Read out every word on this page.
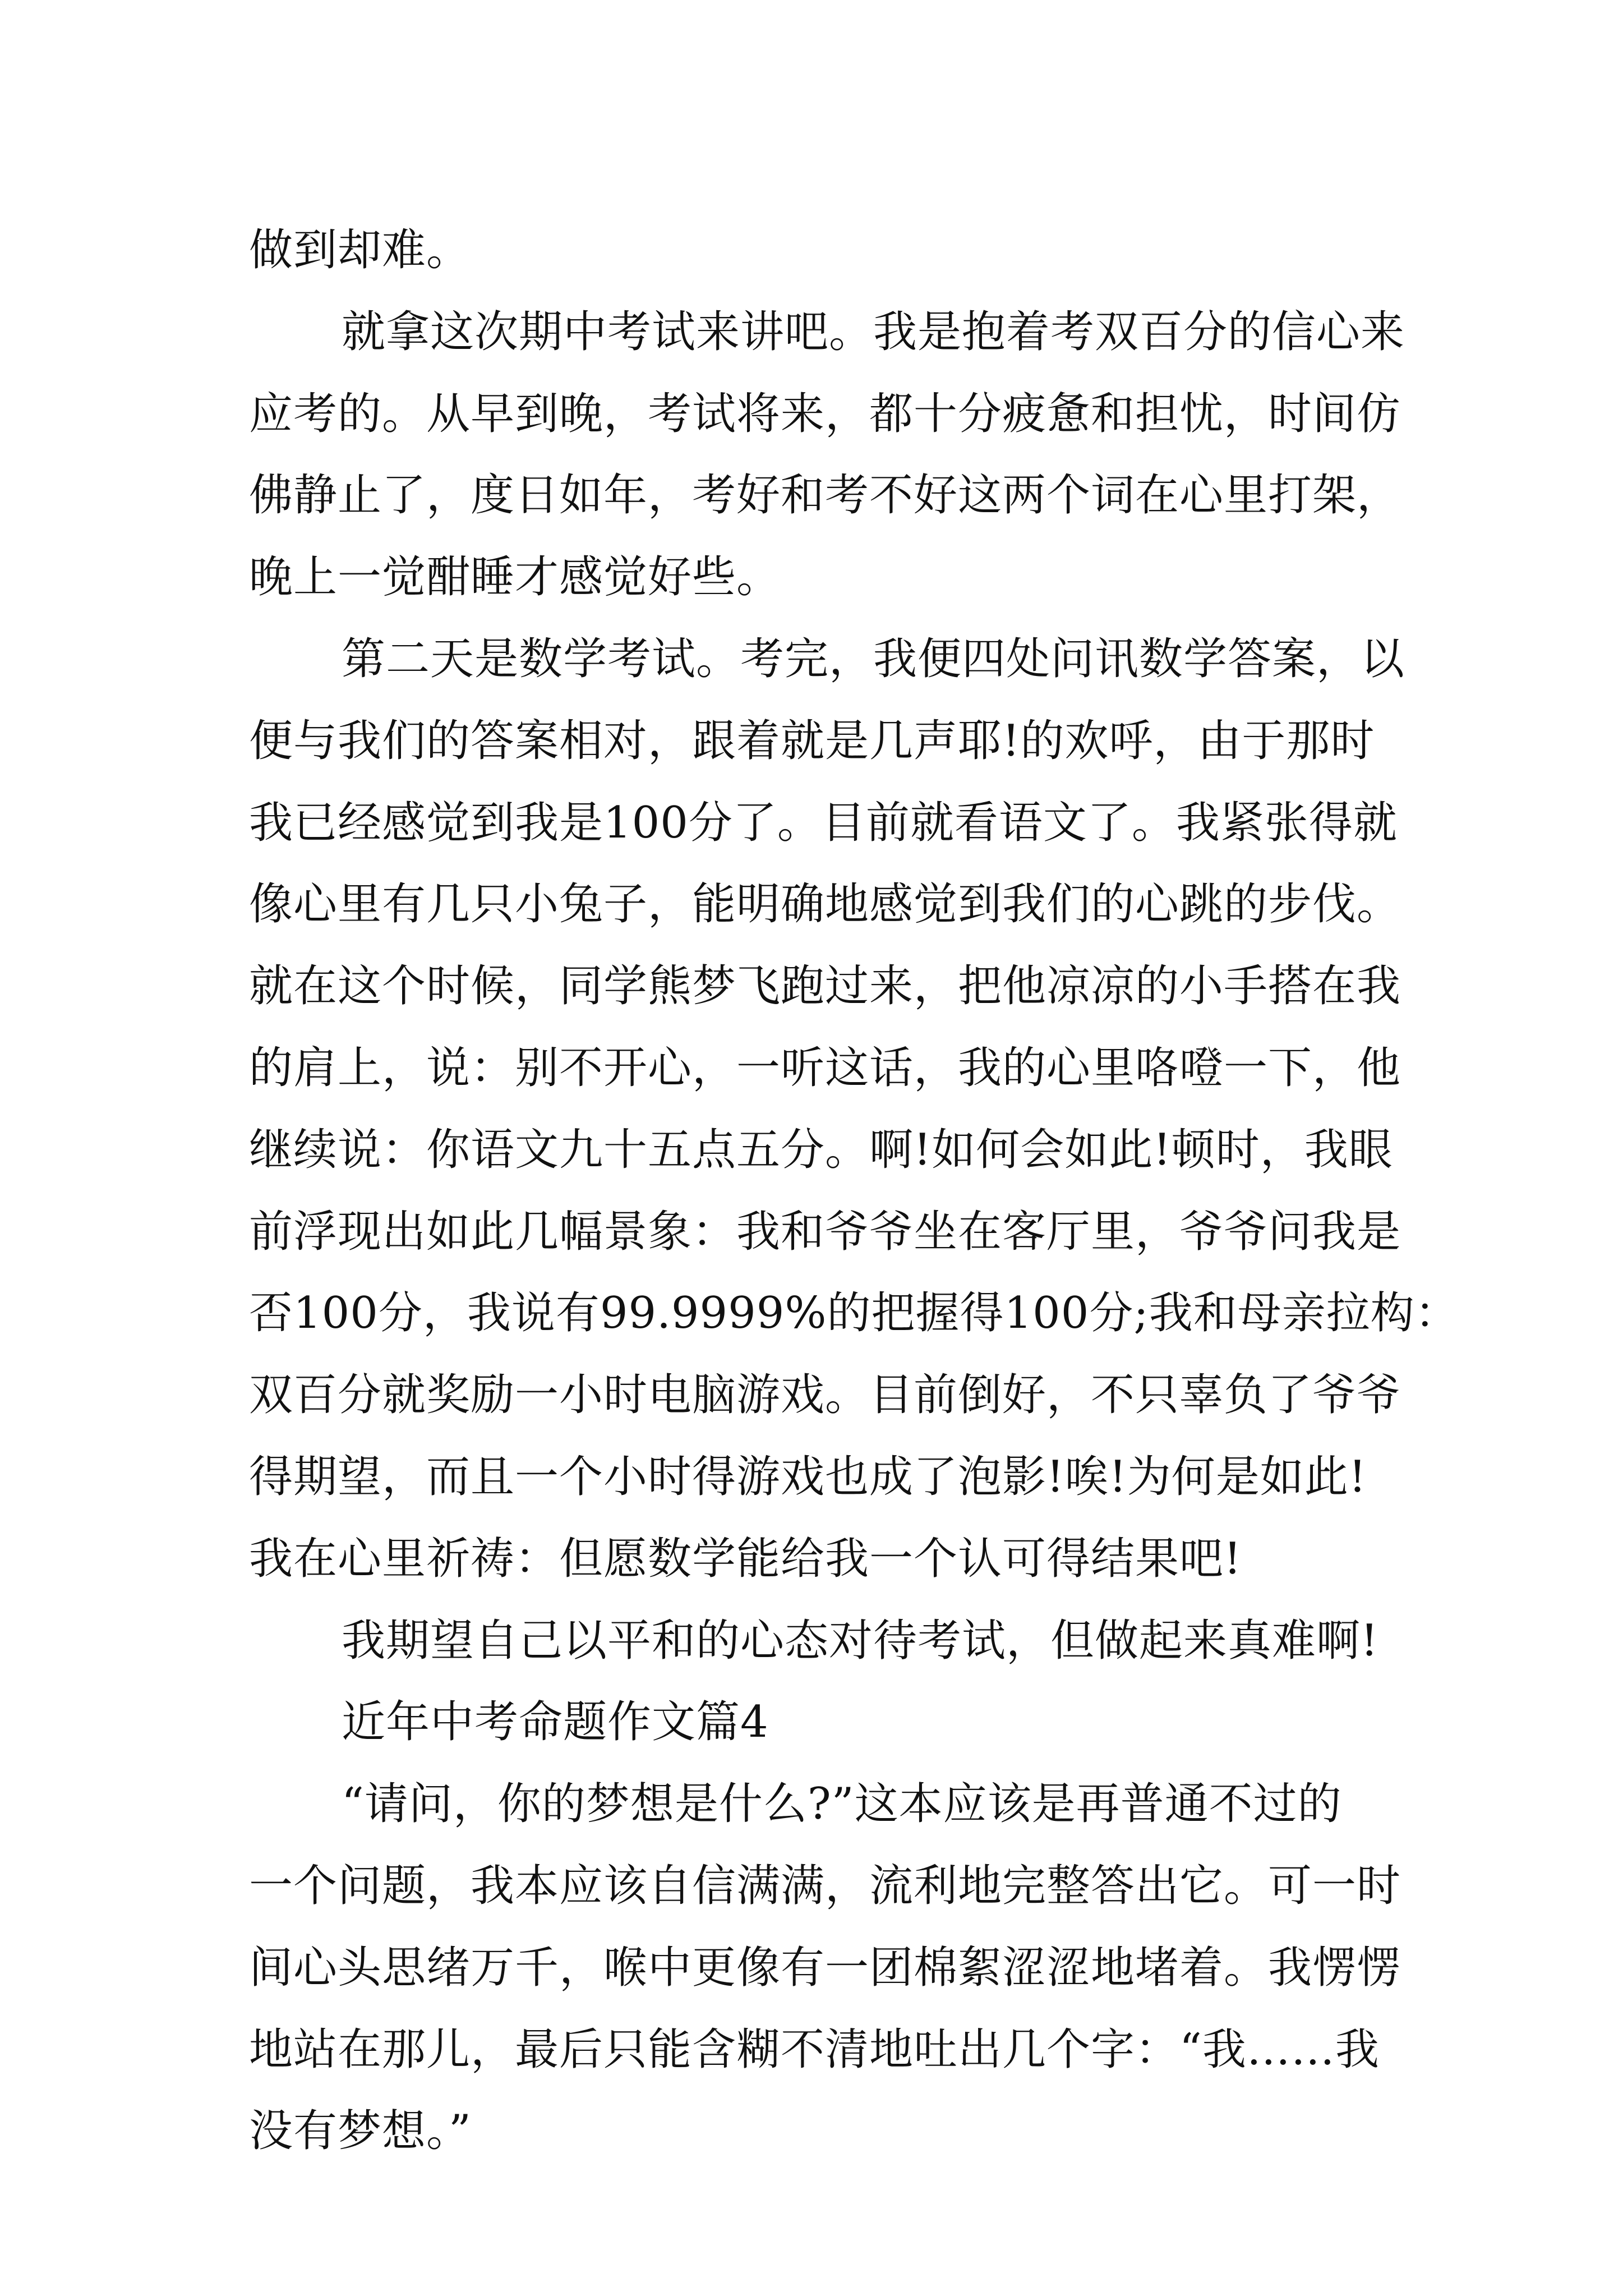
做到却难。
就拿这次期中考试来讲吧。我是抱着考双百分的信心来
应考的。从早到晚，考试将来，都十分疲惫和担忧，时间仿
佛静止了，度日如年，考好和考不好这两个词在心里打架，
晚上一觉酣睡才感觉好些。
第二天是数学考试。考完，我便四处问讯数学答案，以
便与我们的答案相对，跟着就是几声耶!的欢呼，由于那时
我已经感觉到我是100分了。目前就看语文了。我紧张得就
像心里有几只小兔子，能明确地感觉到我们的心跳的步伐。
就在这个时候，同学熊梦飞跑过来，把他凉凉的小手搭在我
的肩上，说：别不开心，一听这话，我的心里咯噔一下，他
继续说：你语文九十五点五分。啊!如何会如此!顿时，我眼
前浮现出如此几幅景象：我和爷爷坐在客厅里，爷爷问我是
否100分，我说有99.9999%的把握得100分;我和母亲拉构：
双百分就奖励一小时电脑游戏。目前倒好，不只辜负了爷爷
得期望，而且一个小时得游戏也成了泡影!唉!为何是如此!
我在心里祈祷：但愿数学能给我一个认可得结果吧!
我期望自己以平和的心态对待考试，但做起来真难啊!
近年中考命题作文篇4
“请问，你的梦想是什么?”这本应该是再普通不过的
一个问题，我本应该自信满满，流利地完整答出它。可一时
间心头思绪万千，喉中更像有一团棉絮涩涩地堵着。我愣愣
地站在那儿，最后只能含糊不清地吐出几个字：“我……我
没有梦想。”
